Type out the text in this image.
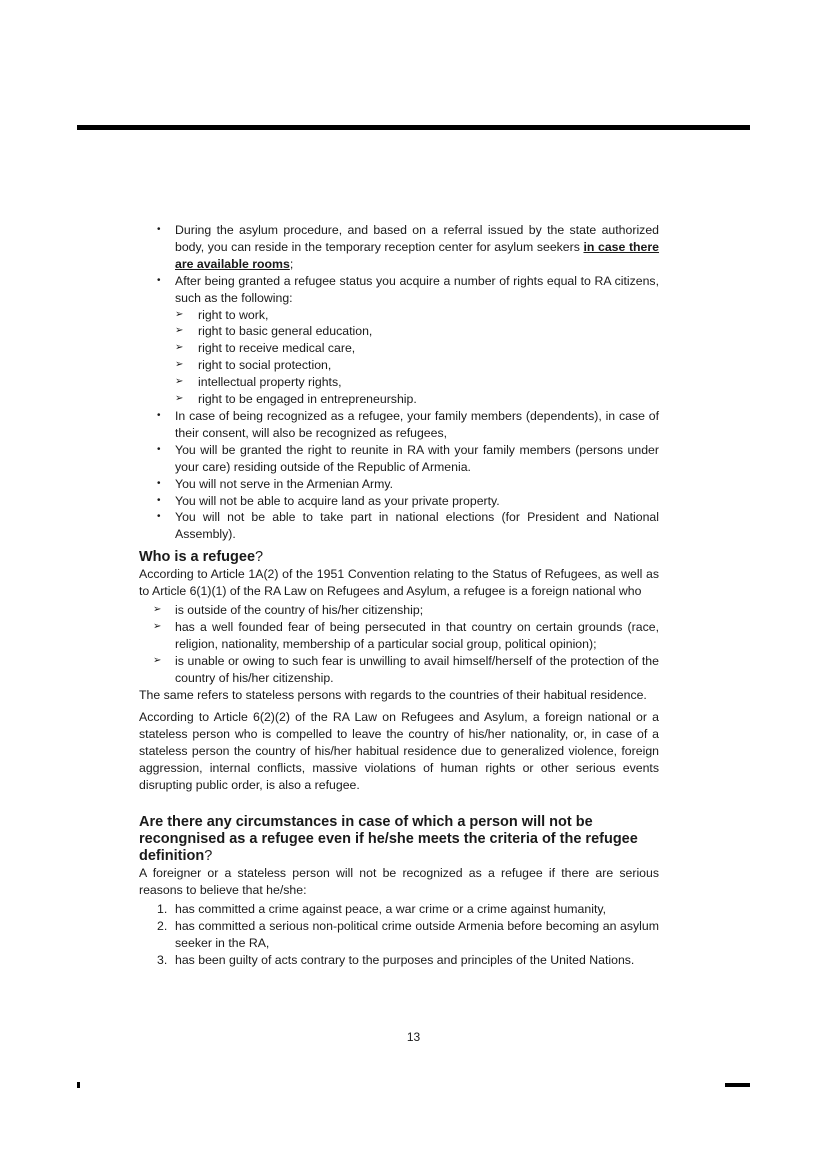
• During the asylum procedure, and based on a referral issued by the state authorized body, you can reside in the temporary reception center for asylum seekers in case there are available rooms;
• After being granted a refugee status you acquire a number of rights equal to RA citizens, such as the following:
➢ right to work,
➢ right to basic general education,
➢ right to receive medical care,
➢ right to social protection,
➢ intellectual property rights,
➢ right to be engaged in entrepreneurship.
• In case of being recognized as a refugee, your family members (dependents), in case of their consent, will also be recognized as refugees,
• You will be granted the right to reunite in RA with your family members (persons under your care) residing outside of the Republic of Armenia.
• You will not serve in the Armenian Army.
• You will not be able to acquire land as your private property.
• You will not be able to take part in national elections (for President and National Assembly).
Who is a refugee?

According to Article 1A(2) of the 1951 Convention relating to the Status of Refugees, as well as to Article 6(1)(1) of the RA Law on Refugees and Asylum, a refugee is a foreign national who

➢ is outside of the country of his/her citizenship;
➢ has a well founded fear of being persecuted in that country on certain grounds (race, religion, nationality, membership of a particular social group, political opinion);
➢ is unable or owing to such fear is unwilling to avail himself/herself of the protection of the country of his/her citizenship.

The same refers to stateless persons with regards to the countries of their habitual residence.

According to Article 6(2)(2) of the RA Law on Refugees and Asylum, a foreign national or a stateless person who is compelled to leave the country of his/her nationality, or, in case of a stateless person the country of his/her habitual residence due to generalized violence, foreign aggression, internal conflicts, massive violations of human rights or other serious events disrupting public order, is also a refugee.

Are there any circumstances in case of which a person will not be recongnised as a refugee even if he/she meets the criteria of the refugee definition?

A foreigner or a stateless person will not be recognized as a refugee if there are serious reasons to believe that he/she:

1. has committed a crime against peace, a war crime or a crime against humanity,
2. has committed a serious non-political crime outside Armenia before becoming an asylum seeker in the RA,
3. has been guilty of acts contrary to the purposes and principles of the United Nations.
13
